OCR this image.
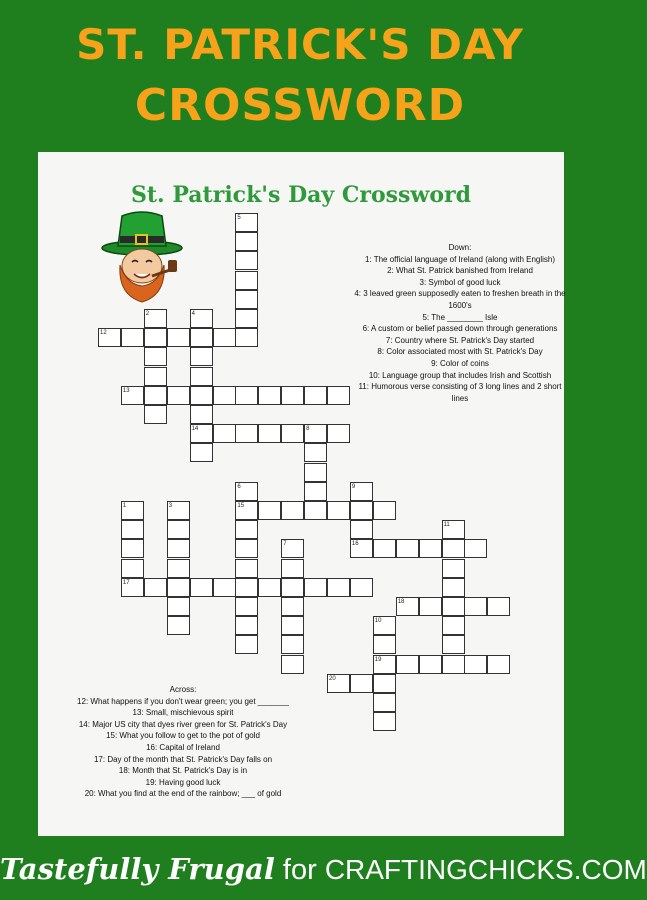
ST. PATRICK'S DAY
CROSSWORD
St. Patrick's Day Crossword
Down:
1: The official language of Ireland (along with English)
2: What St. Patrick banished from Ireland
3: Symbol of good luck
4: 3 leaved green supposedly eaten to freshen breath in the 1600's
5: The ________ Isle
6: A custom or belief passed down through generations
7: Country where St. Patrick's Day started
8: Color associated most with St. Patrick's Day
9: Color of coins
10: Language group that includes Irish and Scottish
11: Humorous verse consisting of 3 long lines and 2 short lines
Across:
12: What happens if you don't wear green; you get _______
13: Small, mischievous spirit
14: Major US city that dyes river green for St. Patrick's Day
15: What you follow to get to the pot of gold
16: Capital of Ireland
17: Day of the month that St. Patrick's Day falls on
18: Month that St. Patrick's Day is in
19: Having good luck
20: What you find at the end of the rainbow; ___ of gold
1
17
2
3
4
14
5
6
15
7
8
9
10
19
11
12
13
16
18
20
Tastefully Frugal for CRAFTINGCHICKS.COM
